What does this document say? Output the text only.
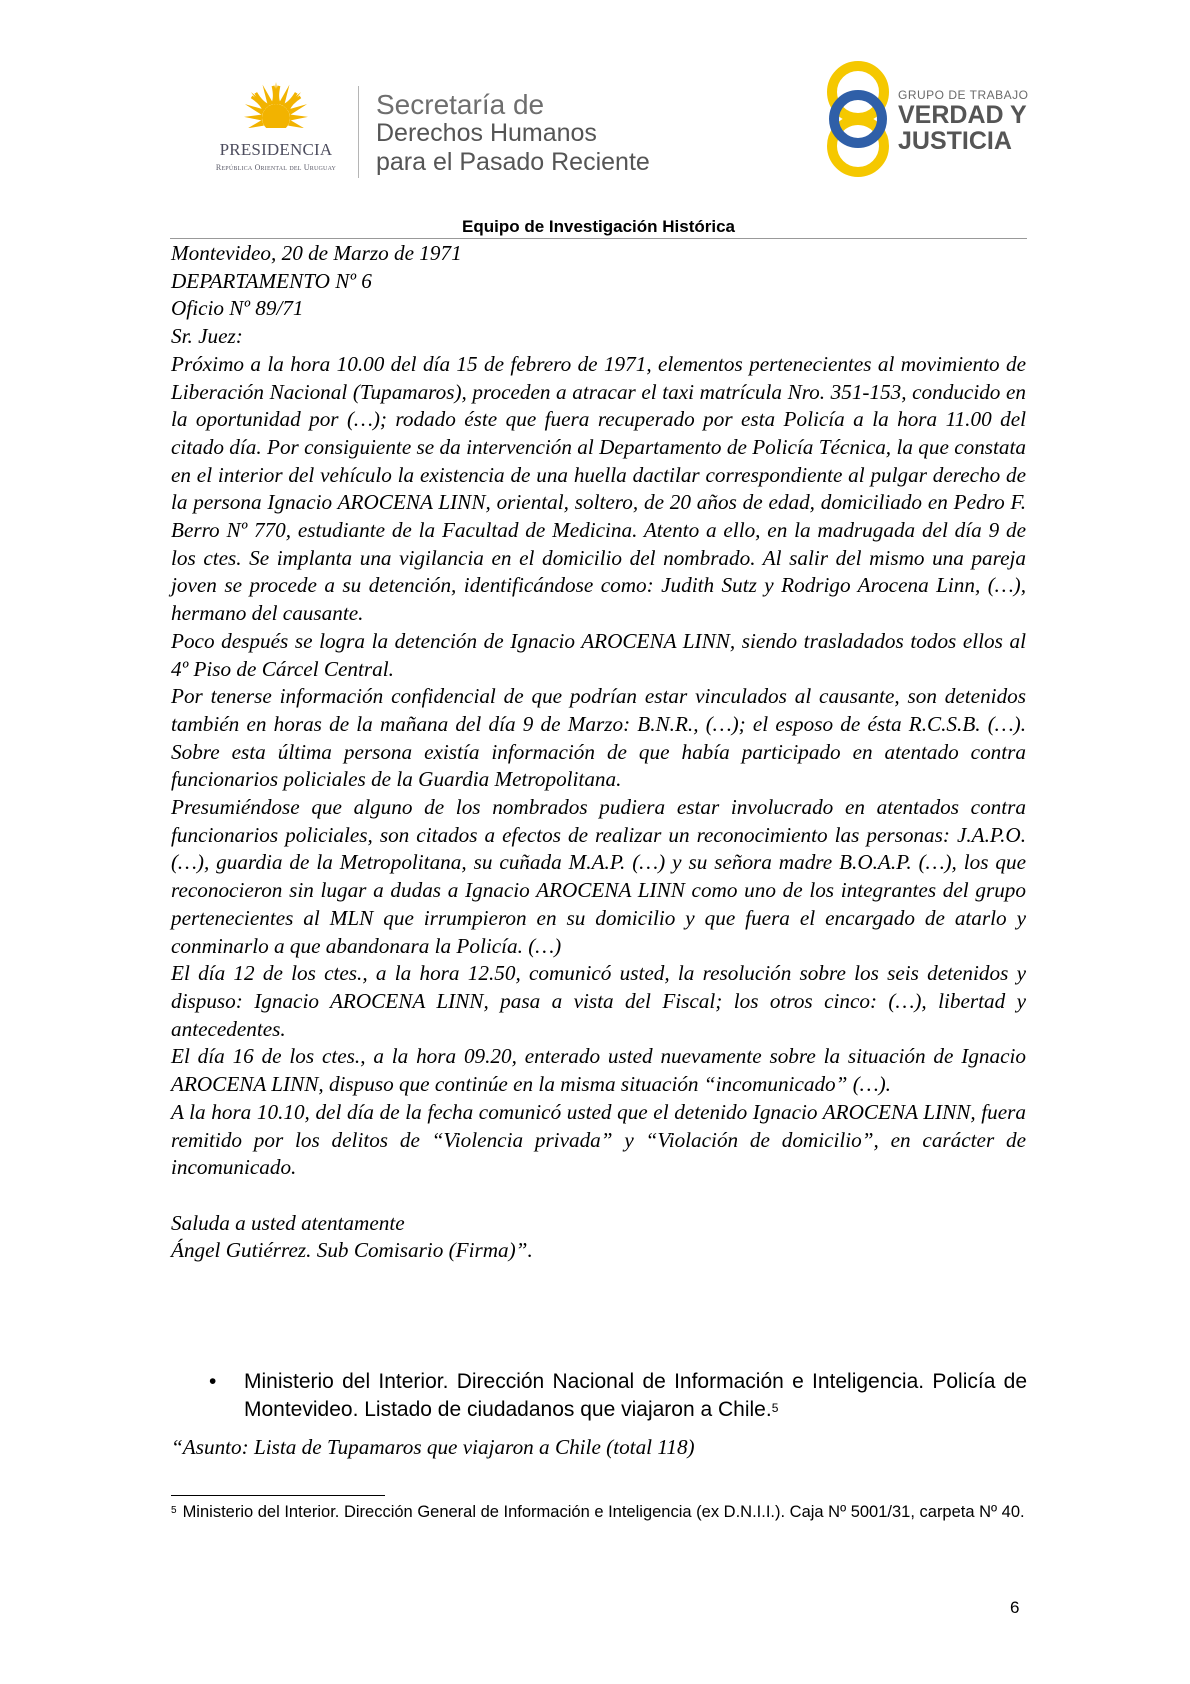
PRESIDENCIA
República Oriental del Uruguay
Secretaría de
Derechos Humanos
para el Pasado Reciente
GRUPO DE TRABAJO
VERDAD Y
JUSTICIA
Equipo de Investigación Histórica

Montevideo, 20 de Marzo de 1971

DEPARTAMENTO Nº 6

Oficio Nº 89/71

Sr. Juez:

Próximo a la hora 10.00 del día 15 de febrero de 1971, elementos pertenecientes al movimiento de Liberación Nacional (Tupamaros), proceden a atracar el taxi matrícula Nro. 351-153, conducido en la oportunidad por (…); rodado éste que fuera recuperado por esta Policía a la hora 11.00 del citado día. Por consiguiente se da intervención al Departamento de Policía Técnica, la que constata en el interior del vehículo la existencia de una huella dactilar correspondiente al pulgar derecho de la persona Ignacio AROCENA LINN, oriental, soltero, de 20 años de edad, domiciliado en Pedro F. Berro Nº 770, estudiante de la Facultad de Medicina. Atento a ello, en la madrugada del día 9 de los ctes. Se implanta una vigilancia en el domicilio del nombrado. Al salir del mismo una pareja joven se procede a su detención, identificándose como: Judith Sutz y Rodrigo Arocena Linn, (…), hermano del causante.

Poco después se logra la detención de Ignacio AROCENA LINN, siendo trasladados todos ellos al 4º Piso de Cárcel Central.

Por tenerse información confidencial de que podrían estar vinculados al causante, son detenidos también en horas de la mañana del día 9 de Marzo: B.N.R., (…); el esposo de ésta R.C.S.B. (…). Sobre esta última persona existía información de que había participado en atentado contra funcionarios policiales de la Guardia Metropolitana.

Presumiéndose que alguno de los nombrados pudiera estar involucrado en atentados contra funcionarios policiales, son citados a efectos de realizar un reconocimiento las personas: J.A.P.O. (…), guardia de la Metropolitana, su cuñada M.A.P. (…) y su señora madre B.O.A.P. (…), los que reconocieron sin lugar a dudas a Ignacio AROCENA LINN como uno de los integrantes del grupo pertenecientes al MLN que irrumpieron en su domicilio y que fuera el encargado de atarlo y conminarlo a que abandonara la Policía. (…)

El día 12 de los ctes., a la hora 12.50, comunicó usted, la resolución sobre los seis detenidos y dispuso: Ignacio AROCENA LINN, pasa a vista del Fiscal; los otros cinco: (…), libertad y antecedentes.

El día 16 de los ctes., a la hora 09.20, enterado usted nuevamente sobre la situación de Ignacio AROCENA LINN, dispuso que continúe en la misma situación “incomunicado” (…).

A la hora 10.10, del día de la fecha comunicó usted que el detenido Ignacio AROCENA LINN, fuera remitido por los delitos de “Violencia privada” y “Violación de domicilio”, en carácter de incomunicado.

Saluda a usted atentamente

Ángel Gutiérrez. Sub Comisario (Firma)”.

• Ministerio del Interior. Dirección Nacional de Información e Inteligencia. Policía de Montevideo. Listado de ciudadanos que viajaron a Chile.$^5$
“Asunto: Lista de Tupamaros que viajaron a Chile (total 118)
$^5$ Ministerio del Interior. Dirección General de Información e Inteligencia (ex D.N.I.I.). Caja Nº 5001/31, carpeta Nº 40.
6
